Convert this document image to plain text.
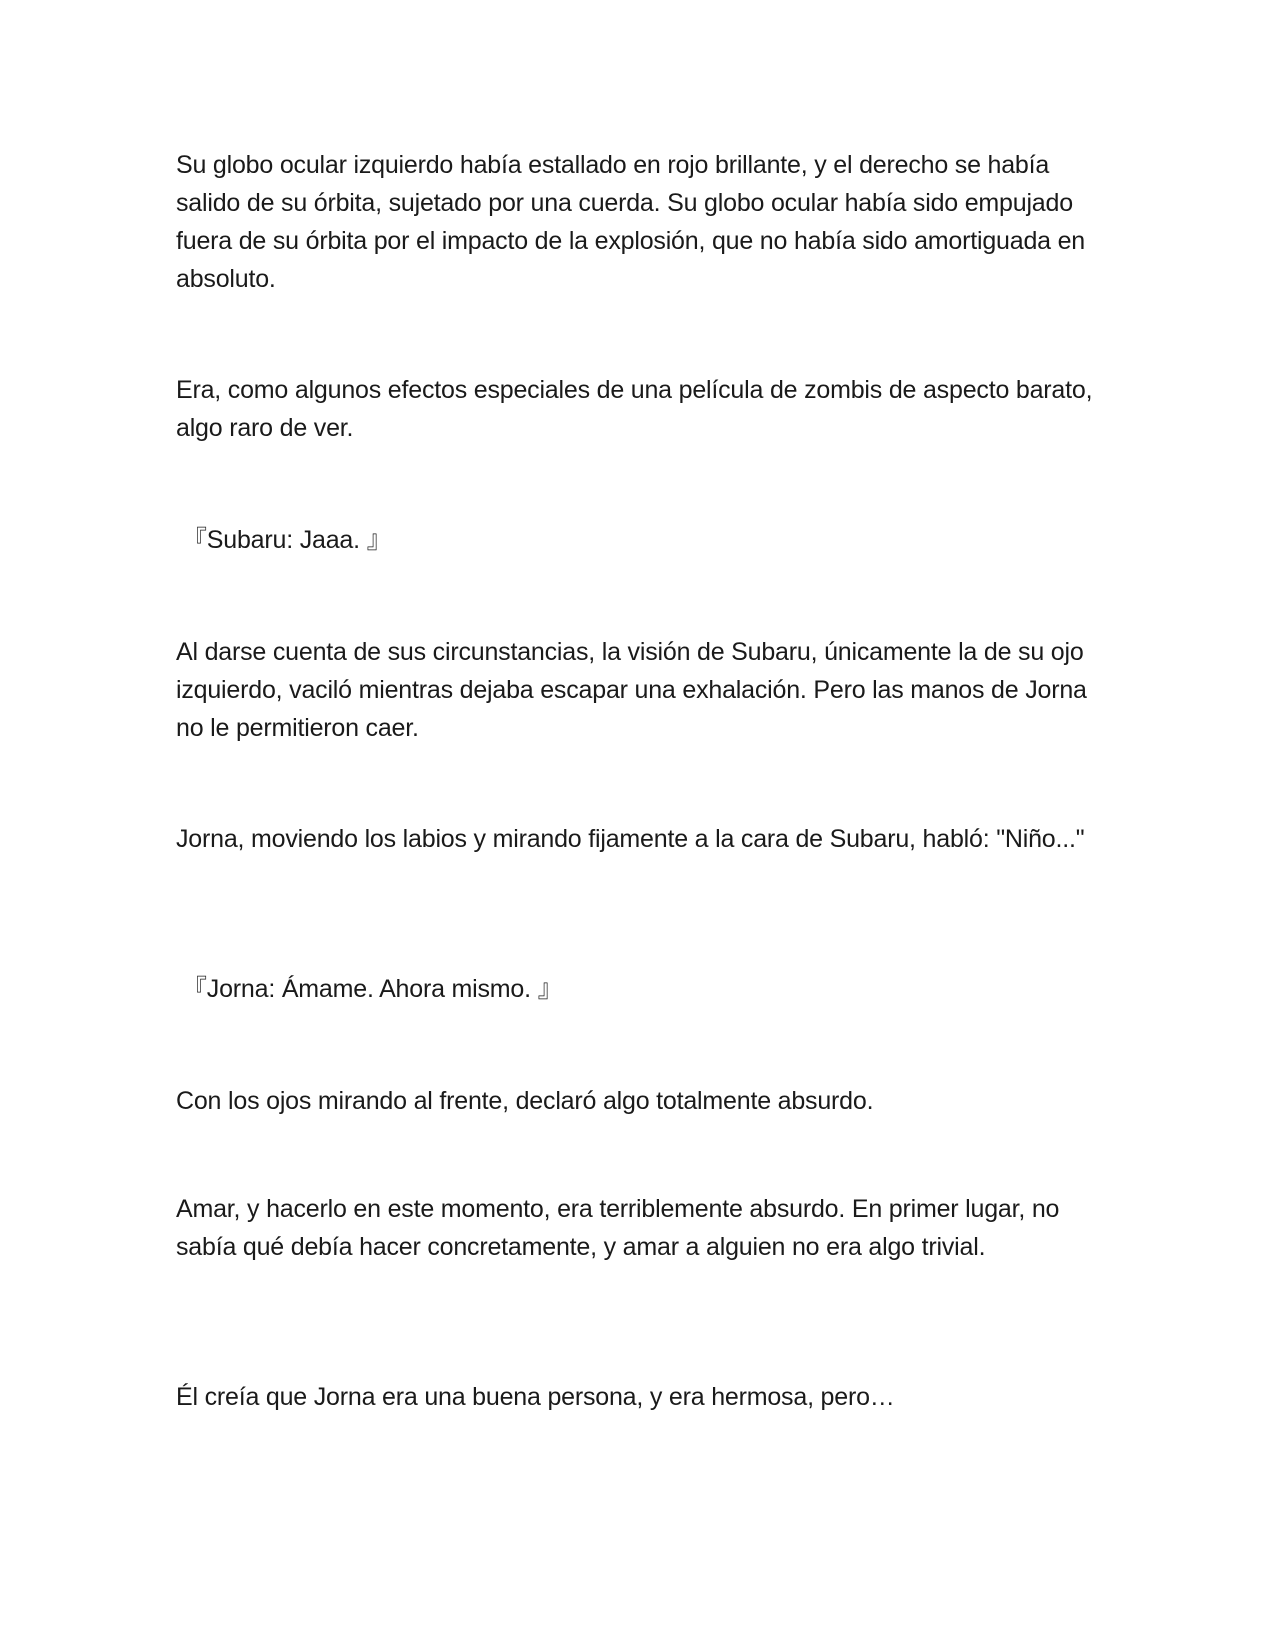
Su globo ocular izquierdo había estallado en rojo brillante, y el derecho se había salido de su órbita, sujetado por una cuerda. Su globo ocular había sido empujado fuera de su órbita por el impacto de la explosión, que no había sido amortiguada en absoluto.

Era, como algunos efectos especiales de una película de zombis de aspecto barato, algo raro de ver.

『Subaru: Jaaa. 』

Al darse cuenta de sus circunstancias, la visión de Subaru, únicamente la de su ojo izquierdo, vaciló mientras dejaba escapar una exhalación. Pero las manos de Jorna no le permitieron caer.

Jorna, moviendo los labios y mirando fijamente a la cara de Subaru, habló: "Niño..."

『Jorna: Ámame. Ahora mismo. 』

Con los ojos mirando al frente, declaró algo totalmente absurdo.

Amar, y hacerlo en este momento, era terriblemente absurdo. En primer lugar, no sabía qué debía hacer concretamente, y amar a alguien no era algo trivial.

Él creía que Jorna era una buena persona, y era hermosa, pero…
